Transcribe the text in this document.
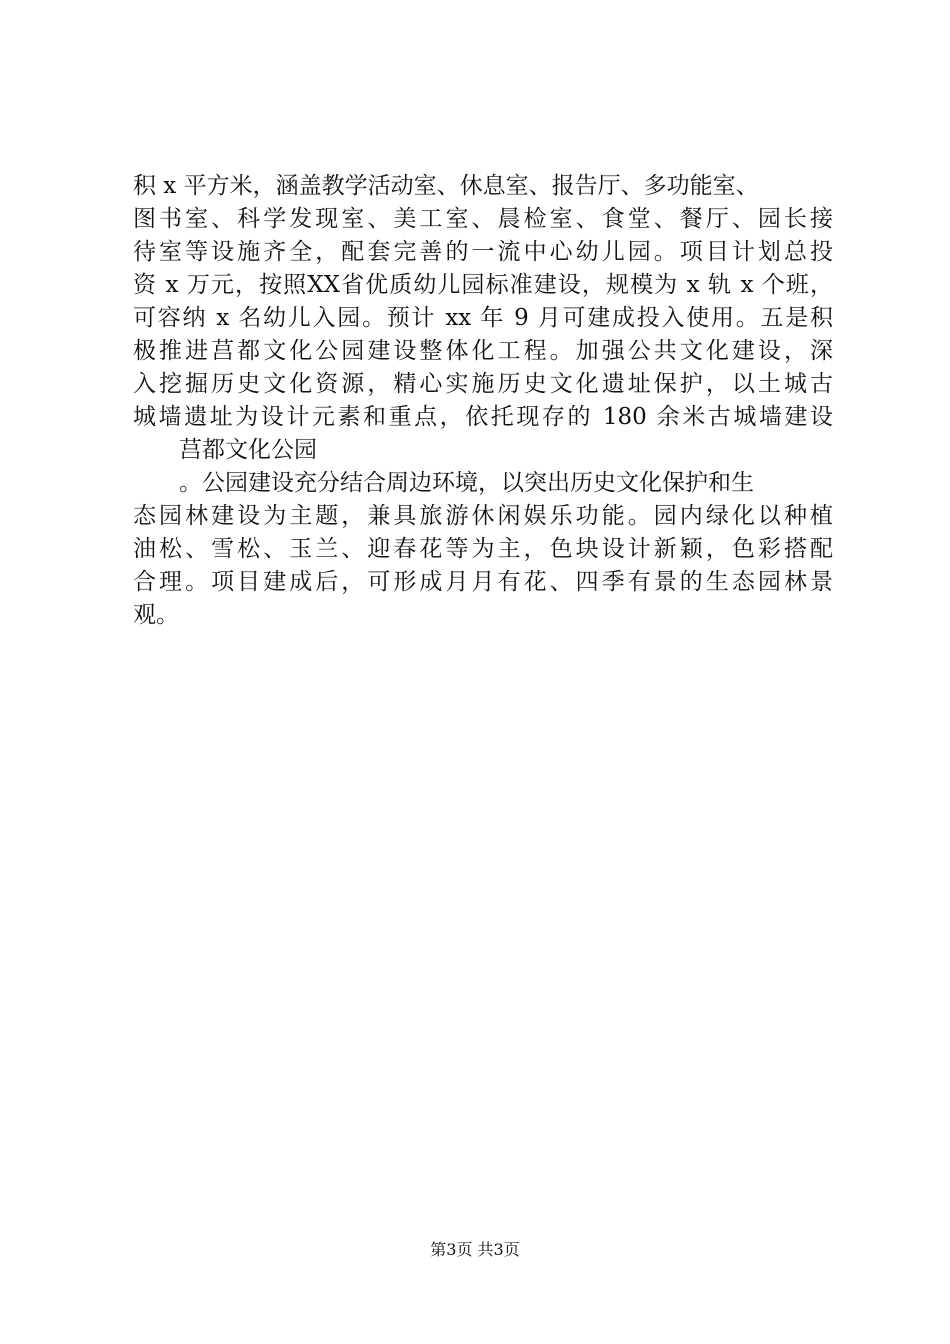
积 x 平方米，涵盖教学活动室、休息室、报告厅、多功能室、
图书室、科学发现室、美工室、晨检室、食堂、餐厅、园长接
待室等设施齐全，配套完善的一流中心幼儿园。项目计划总投
资 x 万元，按照XX省优质幼儿园标准建设，规模为 x 轨 x 个班，
可容纳 x 名幼儿入园。预计 xx 年 9 月可建成投入使用。五是积
极推进莒都文化公园建设整体化工程。加强公共文化建设，深
入挖掘历史文化资源，精心实施历史文化遗址保护，以土城古
城墙遗址为设计元素和重点，依托现存的 180 余米古城墙建设
莒都文化公园
。公园建设充分结合周边环境，以突出历史文化保护和生
态园林建设为主题，兼具旅游休闲娱乐功能。园内绿化以种植
油松、雪松、玉兰、迎春花等为主，色块设计新颖，色彩搭配
合理。项目建成后，可形成月月有花、四季有景的生态园林景
观。
第3页 共3页
